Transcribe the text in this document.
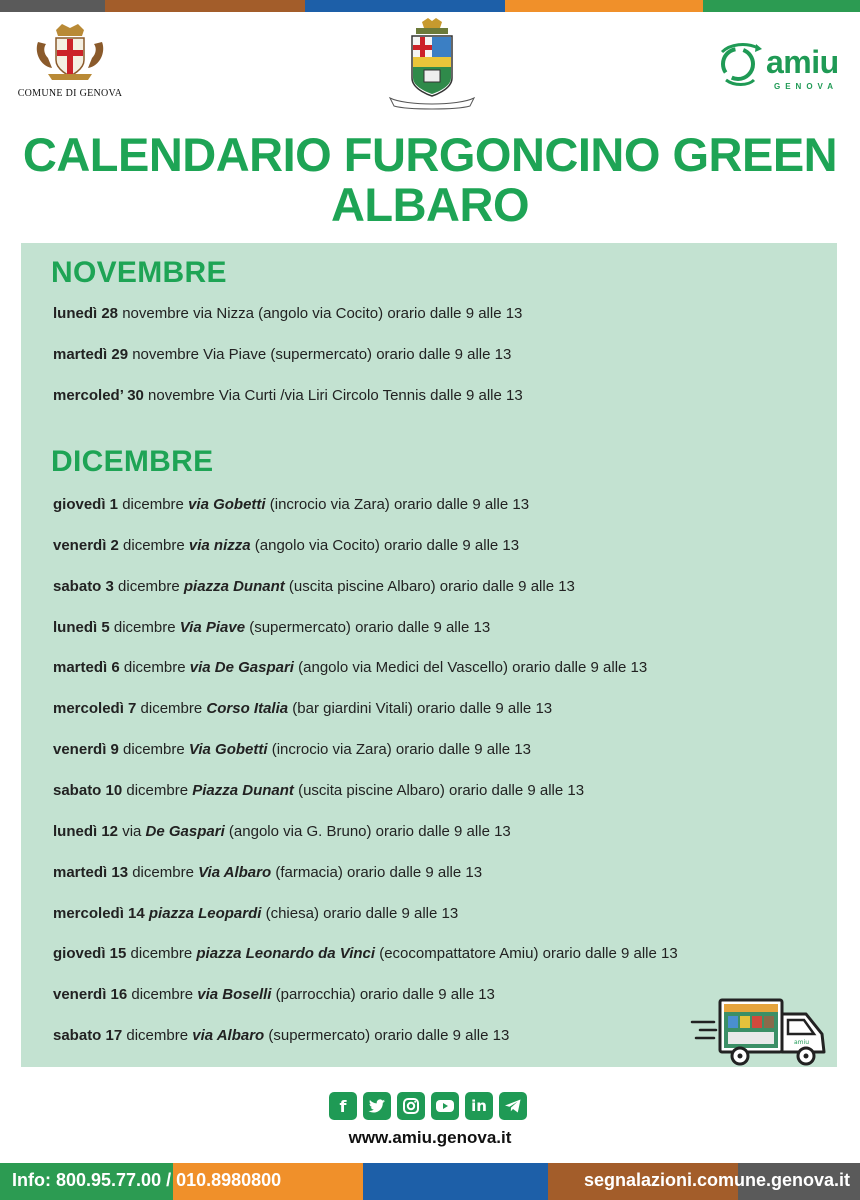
COMUNE DI GENOVA
amiu
GENOVA
CALENDARIO FURGONCINO GREEN
ALBARO
NOVEMBRE
lunedì 28 novembre via Nizza (angolo via Cocito) orario dalle 9 alle 13
martedì 29 novembre Via Piave (supermercato) orario dalle 9 alle 13
mercoled’ 30 novembre Via Curti /via Liri Circolo Tennis dalle 9 alle 13
DICEMBRE
giovedì 1 dicembre via Gobetti (incrocio via Zara) orario dalle 9 alle 13
venerdì 2 dicembre via nizza (angolo via Cocito) orario dalle 9 alle 13
sabato 3 dicembre piazza Dunant (uscita piscine Albaro) orario dalle 9 alle 13
lunedì 5 dicembre Via Piave (supermercato) orario dalle 9 alle 13
martedì 6 dicembre via De Gaspari (angolo via Medici del Vascello) orario dalle 9 alle 13
mercoledì 7 dicembre Corso Italia (bar giardini Vitali) orario dalle 9 alle 13
venerdì 9 dicembre Via Gobetti (incrocio via Zara) orario dalle 9 alle 13
sabato 10 dicembre Piazza Dunant (uscita piscine Albaro) orario dalle 9 alle 13
lunedì 12 via De Gaspari (angolo via G. Bruno) orario dalle 9 alle 13
martedì 13 dicembre Via Albaro (farmacia) orario dalle 9 alle 13
mercoledì 14 piazza Leopardi (chiesa) orario dalle 9 alle 13
giovedì 15 dicembre piazza Leonardo da Vinci (ecocompattatore Amiu) orario dalle 9 alle 13
venerdì 16 dicembre via Boselli (parrocchia) orario dalle 9 alle 13
sabato 17 dicembre via Albaro (supermercato) orario dalle 9 alle 13	amiu
f	in
www.amiu.genova.it
Info: 800.95.77.00 / 010.8980800	segnalazioni.comune.genova.it
